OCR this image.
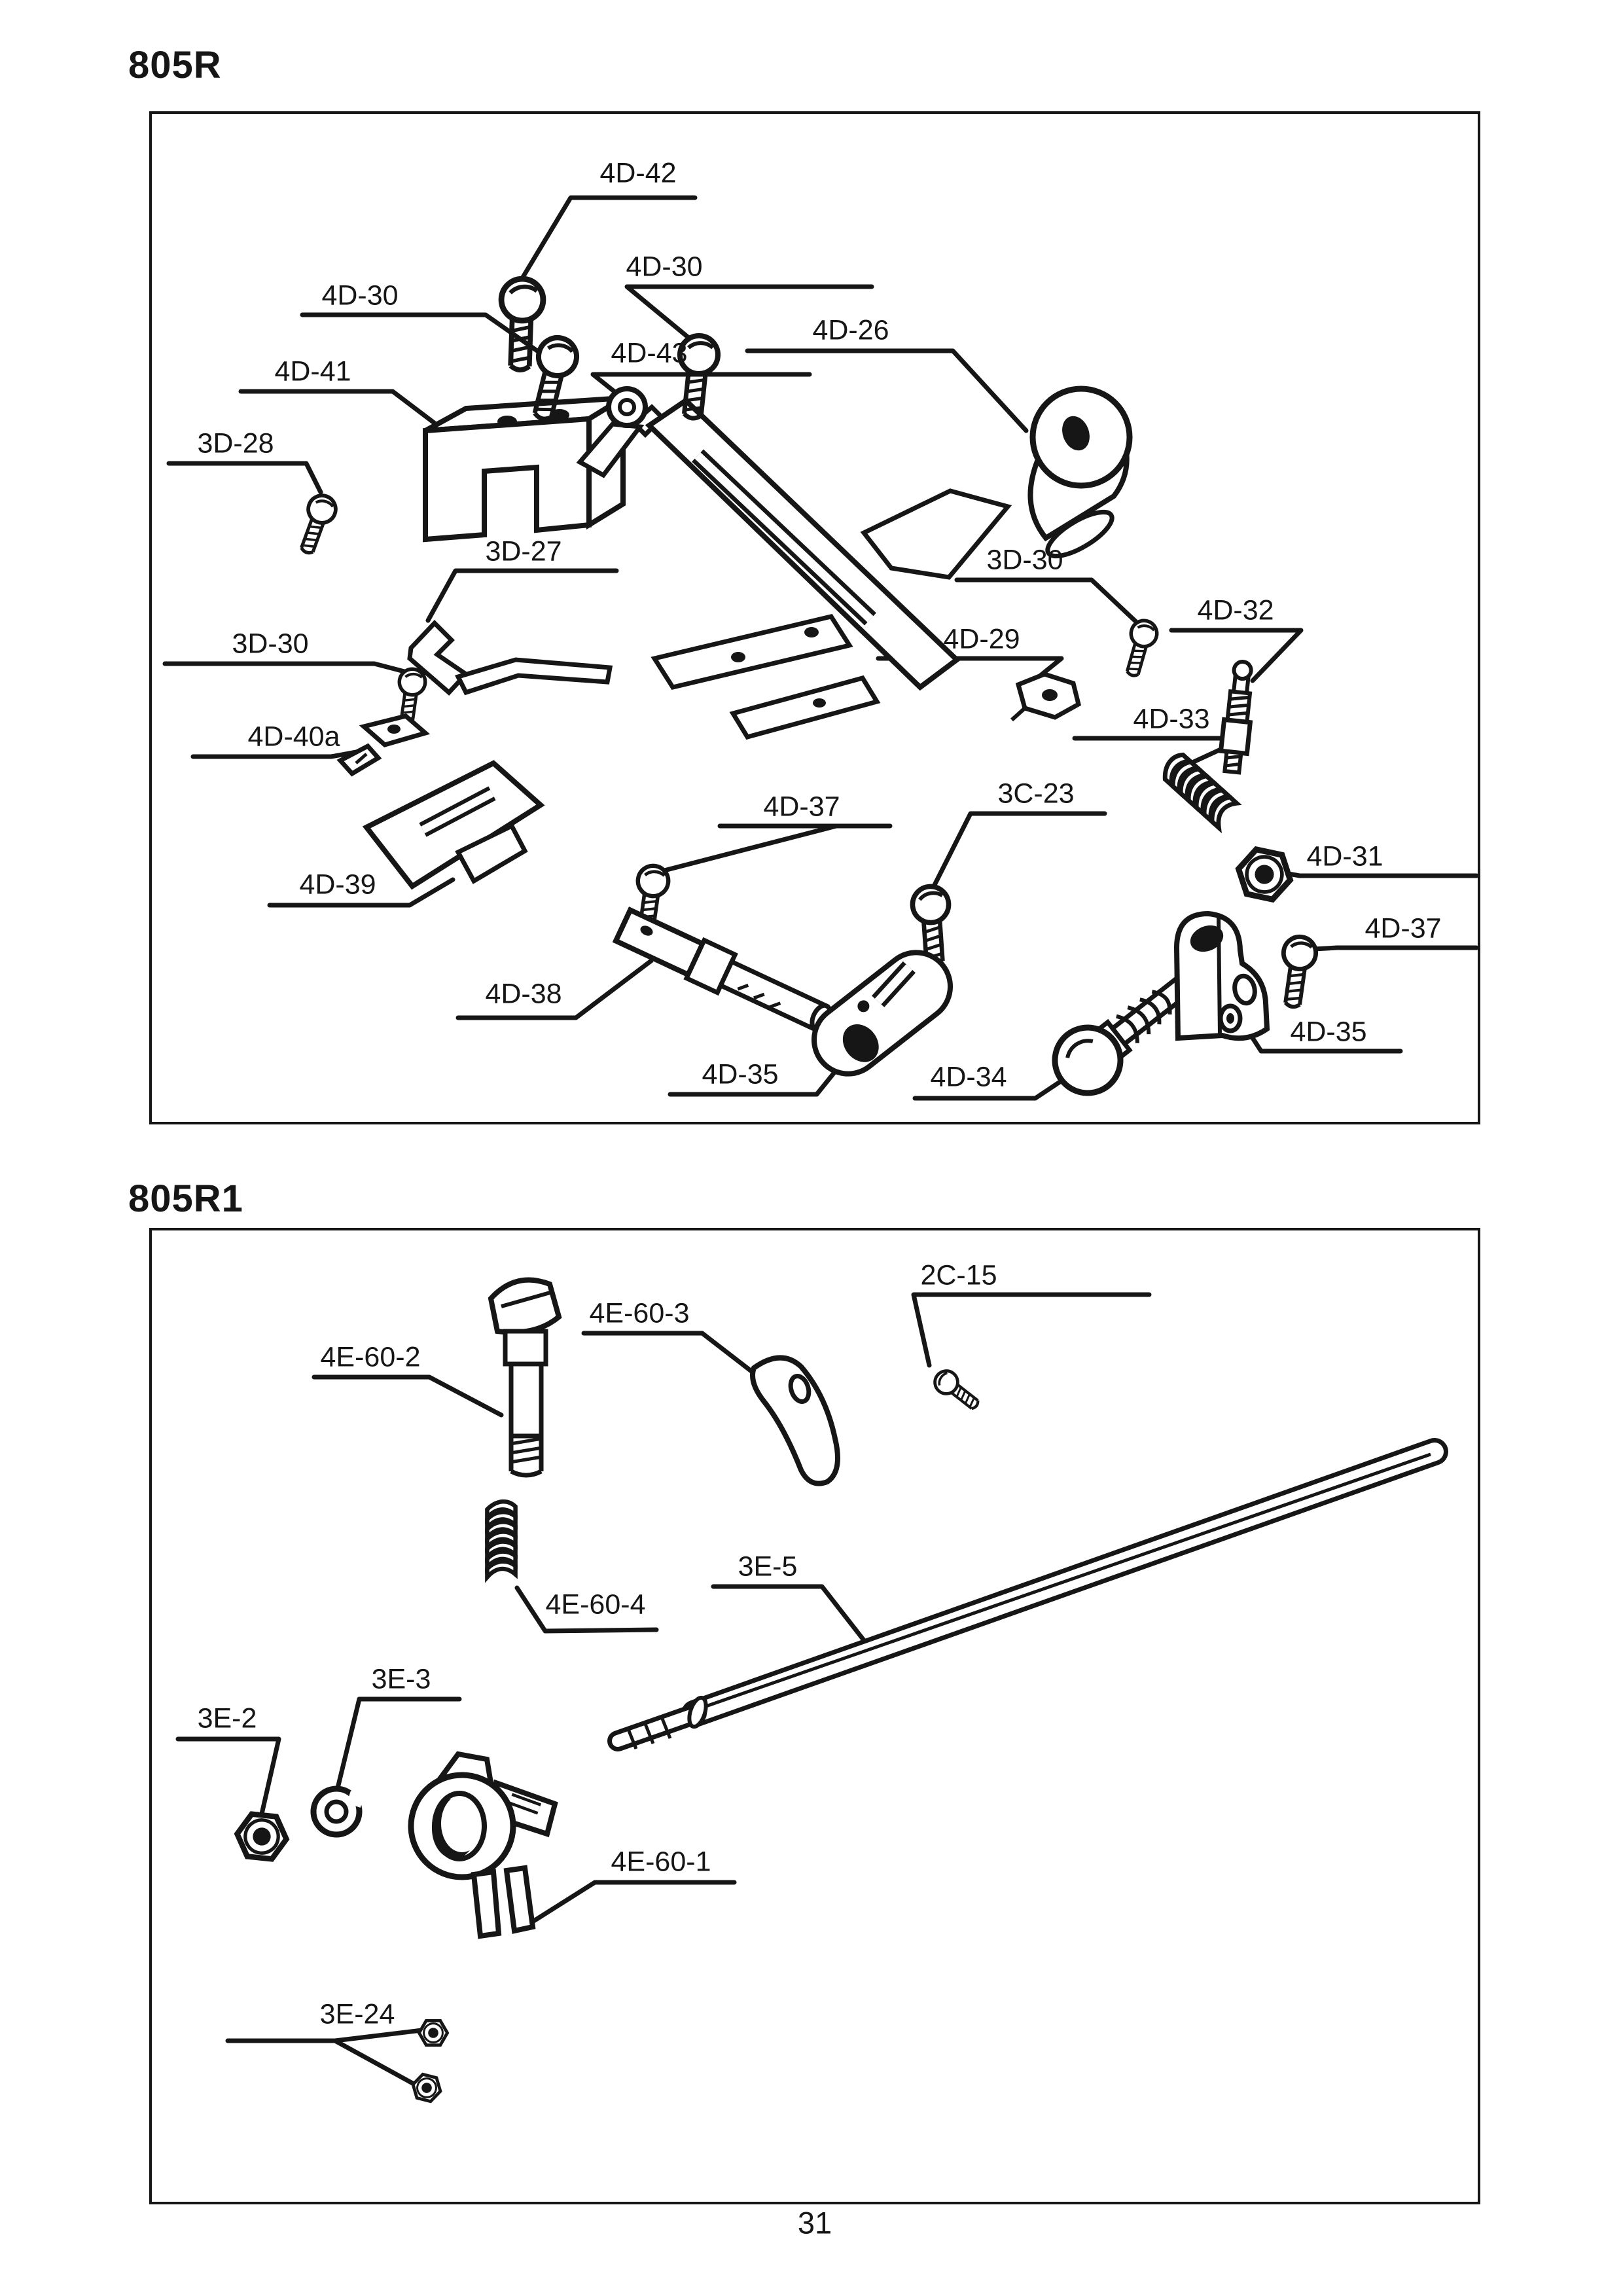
805R
805R1
4D-42
4D-30
4D-30
4D-43
4D-26
4D-41
3D-28
3D-27	3D-30
4D-32
3D-30	4D-29
4D-33
4D-40a
4D-37	3C-23
4D-31
4D-39
4D-37
4D-38
4D-35
4D-35	4D-34
2C-15
4E-60-3
4E-60-2
4E-60-4
3E-5
3E-3
3E-2
4E-60-1
3E-24
31
